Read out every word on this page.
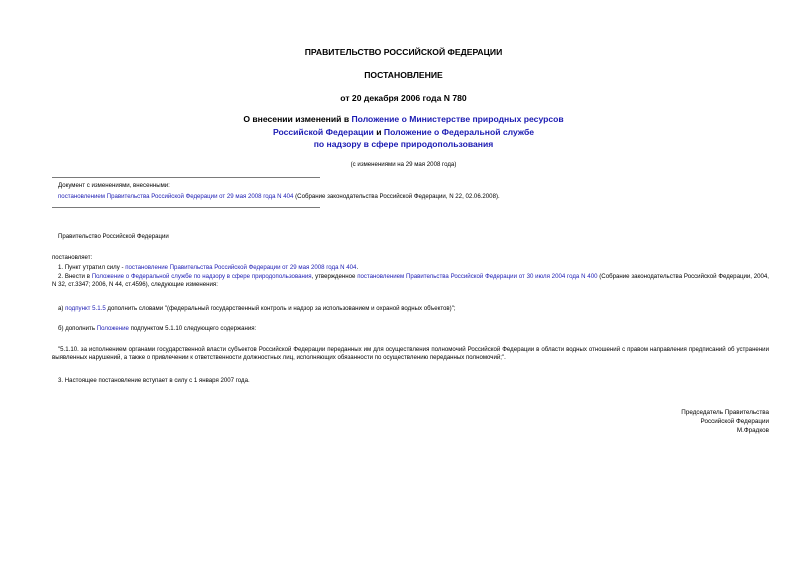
ПРАВИТЕЛЬСТВО РОССИЙСКОЙ ФЕДЕРАЦИИ
ПОСТАНОВЛЕНИЕ
от 20 декабря 2006 года N 780
О внесении изменений в Положение о Министерстве природных ресурсов
Российской Федерации и Положение о Федеральной службе
по надзору в сфере природопользования
(с изменениями на 29 мая 2008 года)
Документ с изменениями, внесенными:
постановлением Правительства Российской Федерации от 29 мая 2008 года N 404 (Собрание законодательства Российской Федерации, N 22, 02.06.2008).
Правительство Российской Федерации
постановляет:
1. Пункт утратил силу - постановление Правительства Российской Федерации от 29 мая 2008 года N 404.
2. Внести в Положение о Федеральной службе по надзору в сфере природопользования, утвержденное постановлением Правительства Российской Федерации от 30 июля 2004 года N 400 (Собрание законодательства Российской Федерации, 2004, N 32, ст.3347; 2006, N 44, ст.4596), следующие изменения:
а) подпункт 5.1.5 дополнить словами "(федеральный государственный контроль и надзор за использованием и охраной водных объектов)";
б) дополнить Положение подпунктом 5.1.10 следующего содержания:
"5.1.10. за исполнением органами государственной власти субъектов Российской Федерации переданных им для осуществления полномочий Российской Федерации в области водных отношений с правом направления предписаний об устранении выявленных нарушений, а также о привлечении к ответственности должностных лиц, исполняющих обязанности по осуществлению переданных полномочий;".
3. Настоящее постановление вступает в силу с 1 января 2007 года.
Председатель Правительства
Российской Федерации
М.Фрадков
